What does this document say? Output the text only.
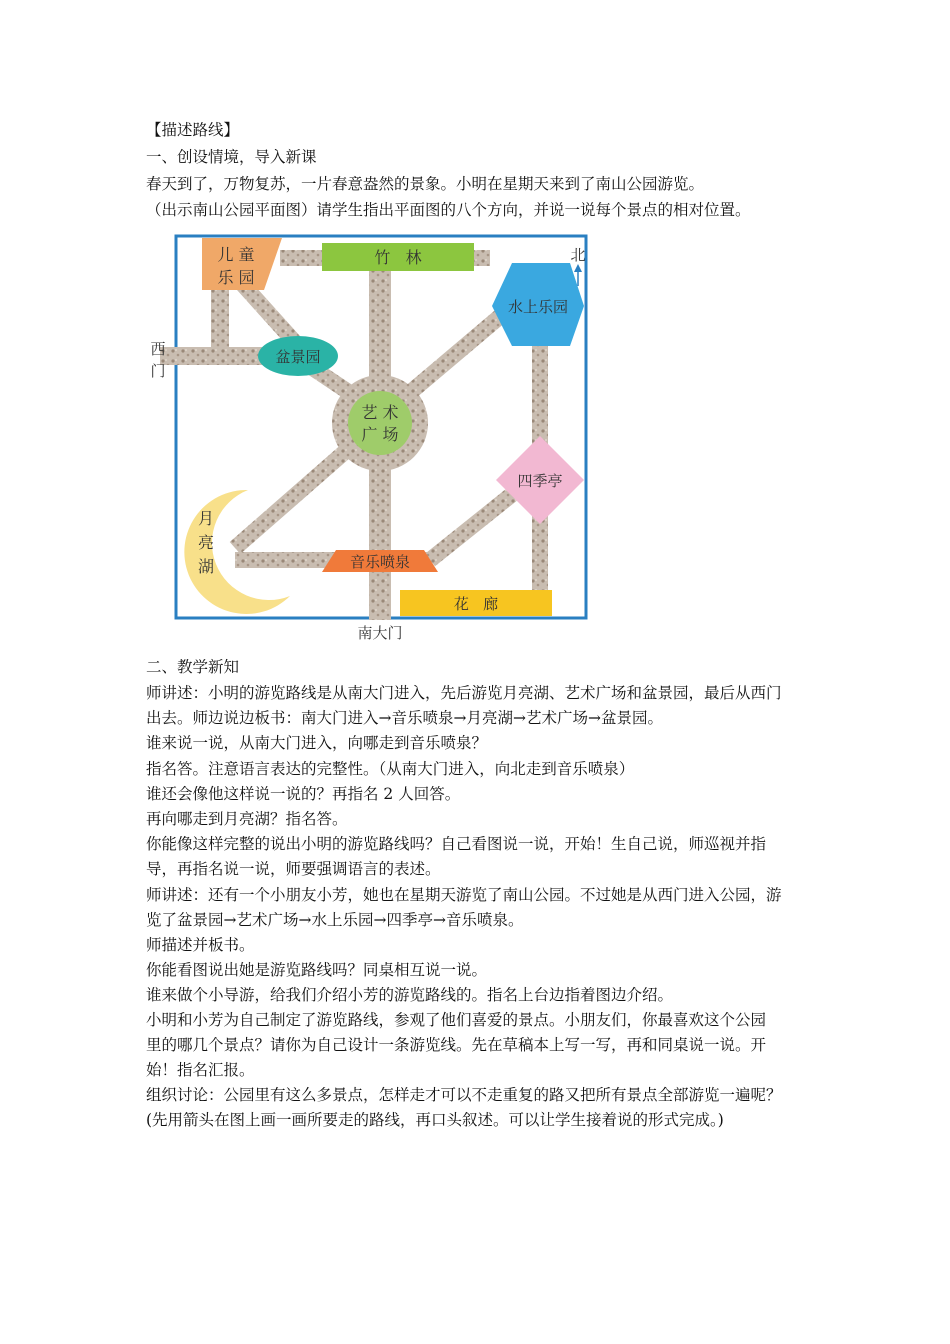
【描述路线】
一、创设情境，导入新课
春天到了，万物复苏，一片春意盎然的景象。小明在星期天来到了南山公园游览。
（出示南山公园平面图）请学生指出平面图的八个方向，并说一说每个景点的相对位置。
艺 术
广 场
儿 童
乐 园
竹   林
水上乐园
北
西
门
盆景园
四季亭
月
亮
湖	音乐喷泉
花   廊
南大门
二、教学新知
师讲述：小明的游览路线是从南大门进入，先后游览月亮湖、艺术广场和盆景园，最后从西门
出去。师边说边板书：南大门进入→音乐喷泉→月亮湖→艺术广场→盆景园。
谁来说一说，从南大门进入，向哪走到音乐喷泉？
指名答。注意语言表达的完整性。（从南大门进入，向北走到音乐喷泉）
谁还会像他这样说一说的？再指名 2 人回答。
再向哪走到月亮湖？指名答。
你能像这样完整的说出小明的游览路线吗？自己看图说一说，开始！生自己说，师巡视并指
导，再指名说一说，师要强调语言的表述。
师讲述：还有一个小朋友小芳，她也在星期天游览了南山公园。不过她是从西门进入公园，游
览了盆景园→艺术广场→水上乐园→四季亭→音乐喷泉。
师描述并板书。
你能看图说出她是游览路线吗？同桌相互说一说。
谁来做个小导游，给我们介绍小芳的游览路线的。指名上台边指着图边介绍。
小明和小芳为自己制定了游览路线，参观了他们喜爱的景点。小朋友们，你最喜欢这个公园
里的哪几个景点？请你为自己设计一条游览线。先在草稿本上写一写，再和同桌说一说。开
始！指名汇报。
组织讨论：公园里有这么多景点，怎样走才可以不走重复的路又把所有景点全部游览一遍呢？
(先用箭头在图上画一画所要走的路线，再口头叙述。可以让学生接着说的形式完成。)
